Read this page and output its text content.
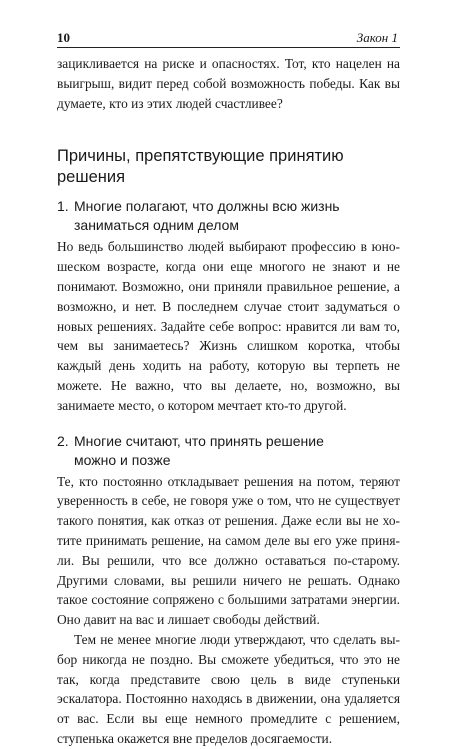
10	Закон 1

зацикливается на риске и опасностях. Тот, кто нацелен на выигрыш, видит перед собой возможность победы. Как вы думаете, кто из этих людей счастливее?

Причины, препятствующие принятию решения
1. Многие полагают, что должны всю жизнь
заниматься одним делом

Но ведь большинство людей выбирают профессию в юношеском возрасте, когда они еще многого не знают и не понимают. Возможно, они приняли правильное решение, а возможно, и нет. В последнем случае стоит задуматься о новых решениях. Задайте себе вопрос: нравится ли вам то, чем вы занимаетесь? Жизнь слишком коротка, чтобы каждый день ходить на работу, которую вы терпеть не можете. Не важно, что вы делаете, но, возможно, вы занимаете место, о котором мечтает кто-то другой.

2. Многие считают, что принять решение
можно и позже

Те, кто постоянно откладывает решения на потом, теряют уверенность в себе, не говоря уже о том, что не существует такого понятия, как отказ от решения. Даже если вы не хотите принимать решение, на самом деле вы его уже приняли. Вы решили, что все должно оставаться по-старому. Другими словами, вы решили ничего не решать. Однако такое состояние сопряжено с большими затратами энергии. Оно давит на вас и лишает свободы действий.

Тем не менее многие люди утверждают, что сделать выбор никогда не поздно. Вы сможете убедиться, что это не так, когда представите свою цель в виде ступеньки эскалатора. Постоянно находясь в движении, она удаляется от вас. Если вы еще немного промедлите с решением, ступенька окажется вне пределов досягаемости.
